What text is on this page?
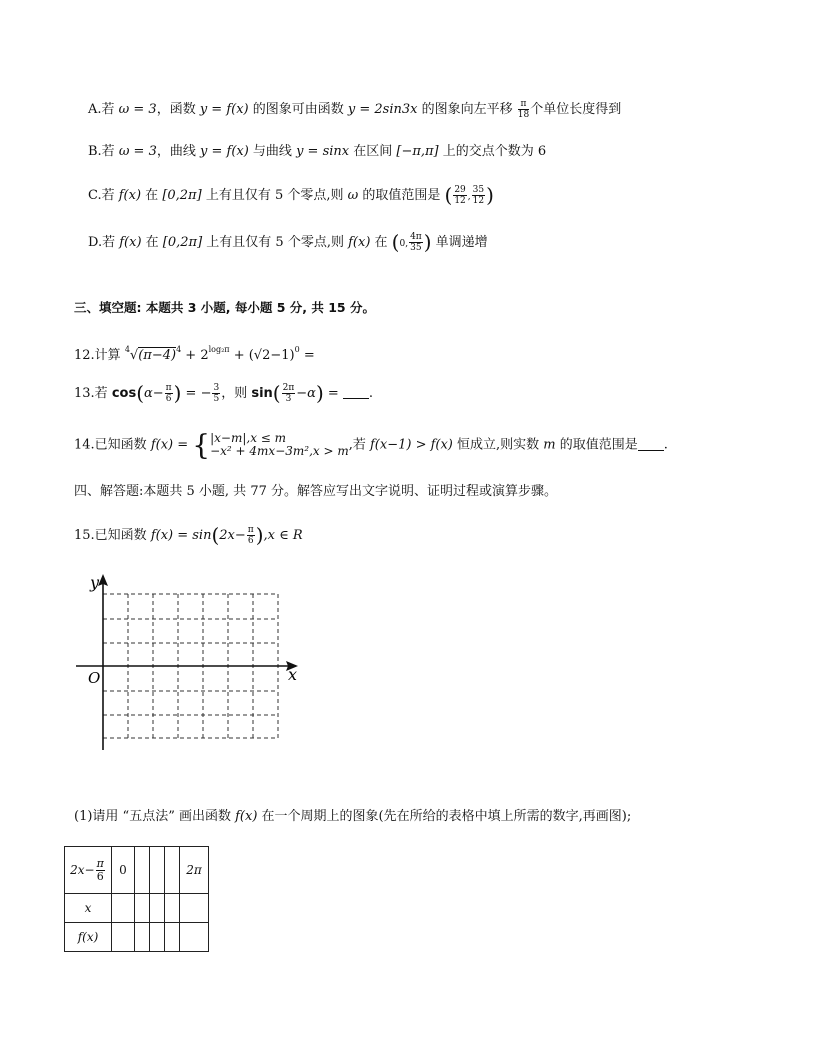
A.若 ω = 3，函数 y = f(x) 的图象可由函数 y = 2sin3x 的图象向左平移 $\frac{\pi}{18}$ 个单位长度得到
B.若 ω = 3，曲线 y = f(x) 与曲线 y = sinx 在区间 [−π,π] 上的交点个数为 6
C.若 f(x) 在 [0,2π] 上有且仅有 5 个零点,则 ω 的取值范围是 ( $\frac{29}{12}$ , $\frac{35}{12}$ )
D.若 f(x) 在 [0,2π] 上有且仅有 5 个零点,则 f(x) 在 (0, $\frac{4\pi}{35}$ ) 单调递增
三、填空题: 本题共 3 小题, 每小题 5 分, 共 15 分。
12.计算 $^4√(\pi-4)^4 + 2^{log_2\pi} + (√2-1)^0$ =
13.若 $\cos(\alpha- \frac{\pi}{6}$ ) = − $\frac{3}{5}$ ，则 $\sin( \frac{2\pi}{3} -\alpha)$ = .
14.已知函数 f(x) = { |x−m|,x ≤ m
−x² + 4mx−3m²,x > m ,若 f(x−1) > f(x) 恒成立,则实数 m 的取值范围是 .
四、解答题:本题共 5 小题, 共 77 分。解答应写出文字说明、证明过程或演算步骤。
15.已知函数 $f(x) = \sin(2x- \frac{\pi}{6} ),x$ ∈ R
y
x
O
(1)请用 “五点法” 画出函数 f(x) 在一个周期上的图象(先在所给的表格中填上所需的数字,再画图);
$2x- \frac{\pi}{6}$	0				2π
x					
f(x)					
